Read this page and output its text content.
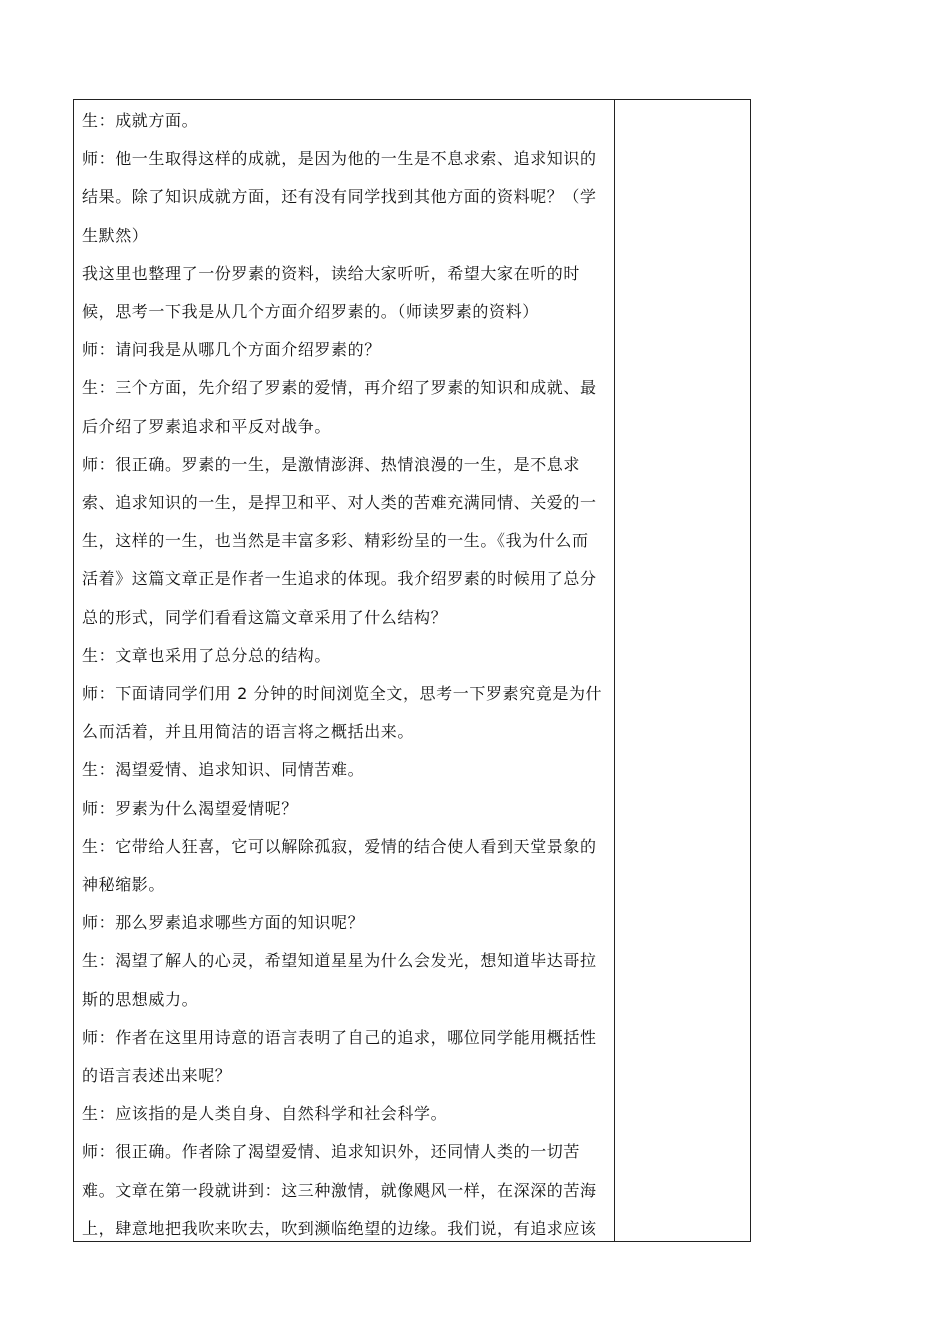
生：成就方面。

师：他一生取得这样的成就，是因为他的一生是不息求索、追求知识的
结果。除了知识成就方面，还有没有同学找到其他方面的资料呢？（学
生默然）

我这里也整理了一份罗素的资料，读给大家听听，希望大家在听的时
候，思考一下我是从几个方面介绍罗素的。（师读罗素的资料）

师：请问我是从哪几个方面介绍罗素的？

生：三个方面，先介绍了罗素的爱情，再介绍了罗素的知识和成就、最
后介绍了罗素追求和平反对战争。

师：很正确。罗素的一生，是激情澎湃、热情浪漫的一生，是不息求
索、追求知识的一生，是捍卫和平、对人类的苦难充满同情、关爱的一
生，这样的一生，也当然是丰富多彩、精彩纷呈的一生。《我为什么而
活着》这篇文章正是作者一生追求的体现。我介绍罗素的时候用了总分
总的形式，同学们看看这篇文章采用了什么结构？

生：文章也采用了总分总的结构。

师：下面请同学们用 2 分钟的时间浏览全文，思考一下罗素究竟是为什
么而活着，并且用简洁的语言将之概括出来。

生：渴望爱情、追求知识、同情苦难。

师：罗素为什么渴望爱情呢？

生：它带给人狂喜，它可以解除孤寂，爱情的结合使人看到天堂景象的
神秘缩影。

师：那么罗素追求哪些方面的知识呢？

生：渴望了解人的心灵，希望知道星星为什么会发光，想知道毕达哥拉
斯的思想威力。

师：作者在这里用诗意的语言表明了自己的追求，哪位同学能用概括性
的语言表述出来呢？

生：应该指的是人类自身、自然科学和社会科学。

师：很正确。作者除了渴望爱情、追求知识外，还同情人类的一切苦
难。文章在第一段就讲到：这三种激情，就像飓风一样，在深深的苦海
上，肆意地把我吹来吹去，吹到濒临绝望的边缘。我们说，有追求应该
